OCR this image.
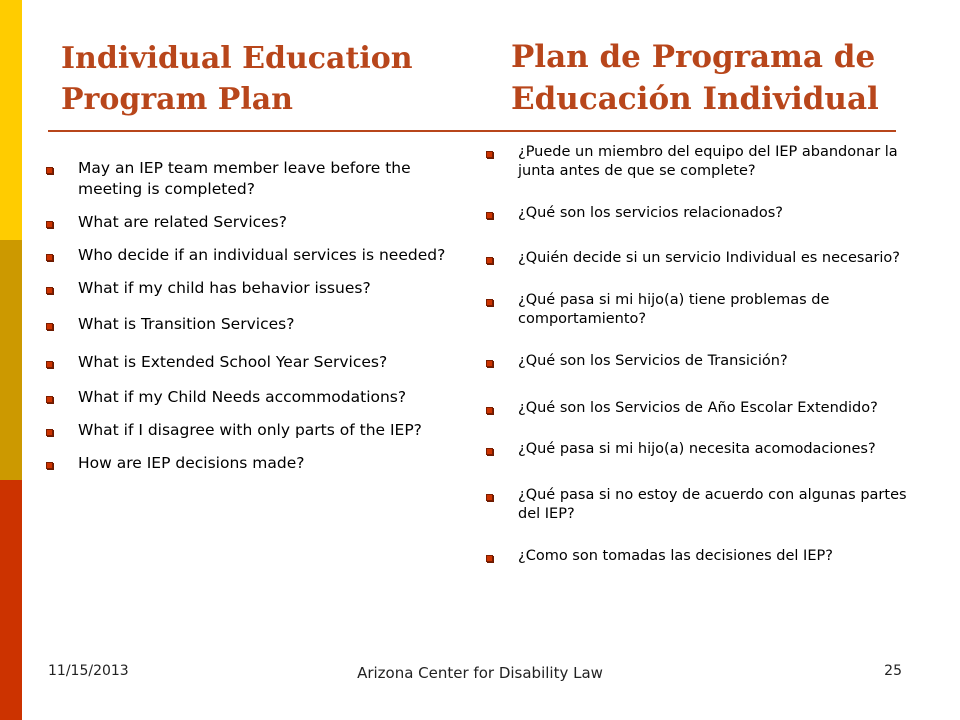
Individual Education Program Plan
Plan de Programa de Educación Individual
May an IEP team member leave before the meeting is completed?
What are related Services?
Who decide if an individual services is needed?
What if my child has behavior issues?
What is Transition Services?
What is Extended School Year Services?
What if my Child Needs accommodations?
What if I disagree with only parts of the IEP?
How are IEP decisions made?
¿Puede un miembro del equipo del IEP abandonar la junta antes de que se complete?
¿Qué son los servicios relacionados?
¿Quién decide si un servicio Individual es necesario?
¿Qué pasa si mi hijo(a) tiene problemas de comportamiento?
¿Qué son los Servicios de Transición?
¿Qué son los Servicios de Año Escolar Extendido?
¿Qué pasa si mi hijo(a) necesita acomodaciones?
¿Qué pasa si no estoy de acuerdo con algunas partes del IEP?
¿Como son tomadas las decisiones del IEP?
11/15/2013	Arizona Center for Disability Law	25
